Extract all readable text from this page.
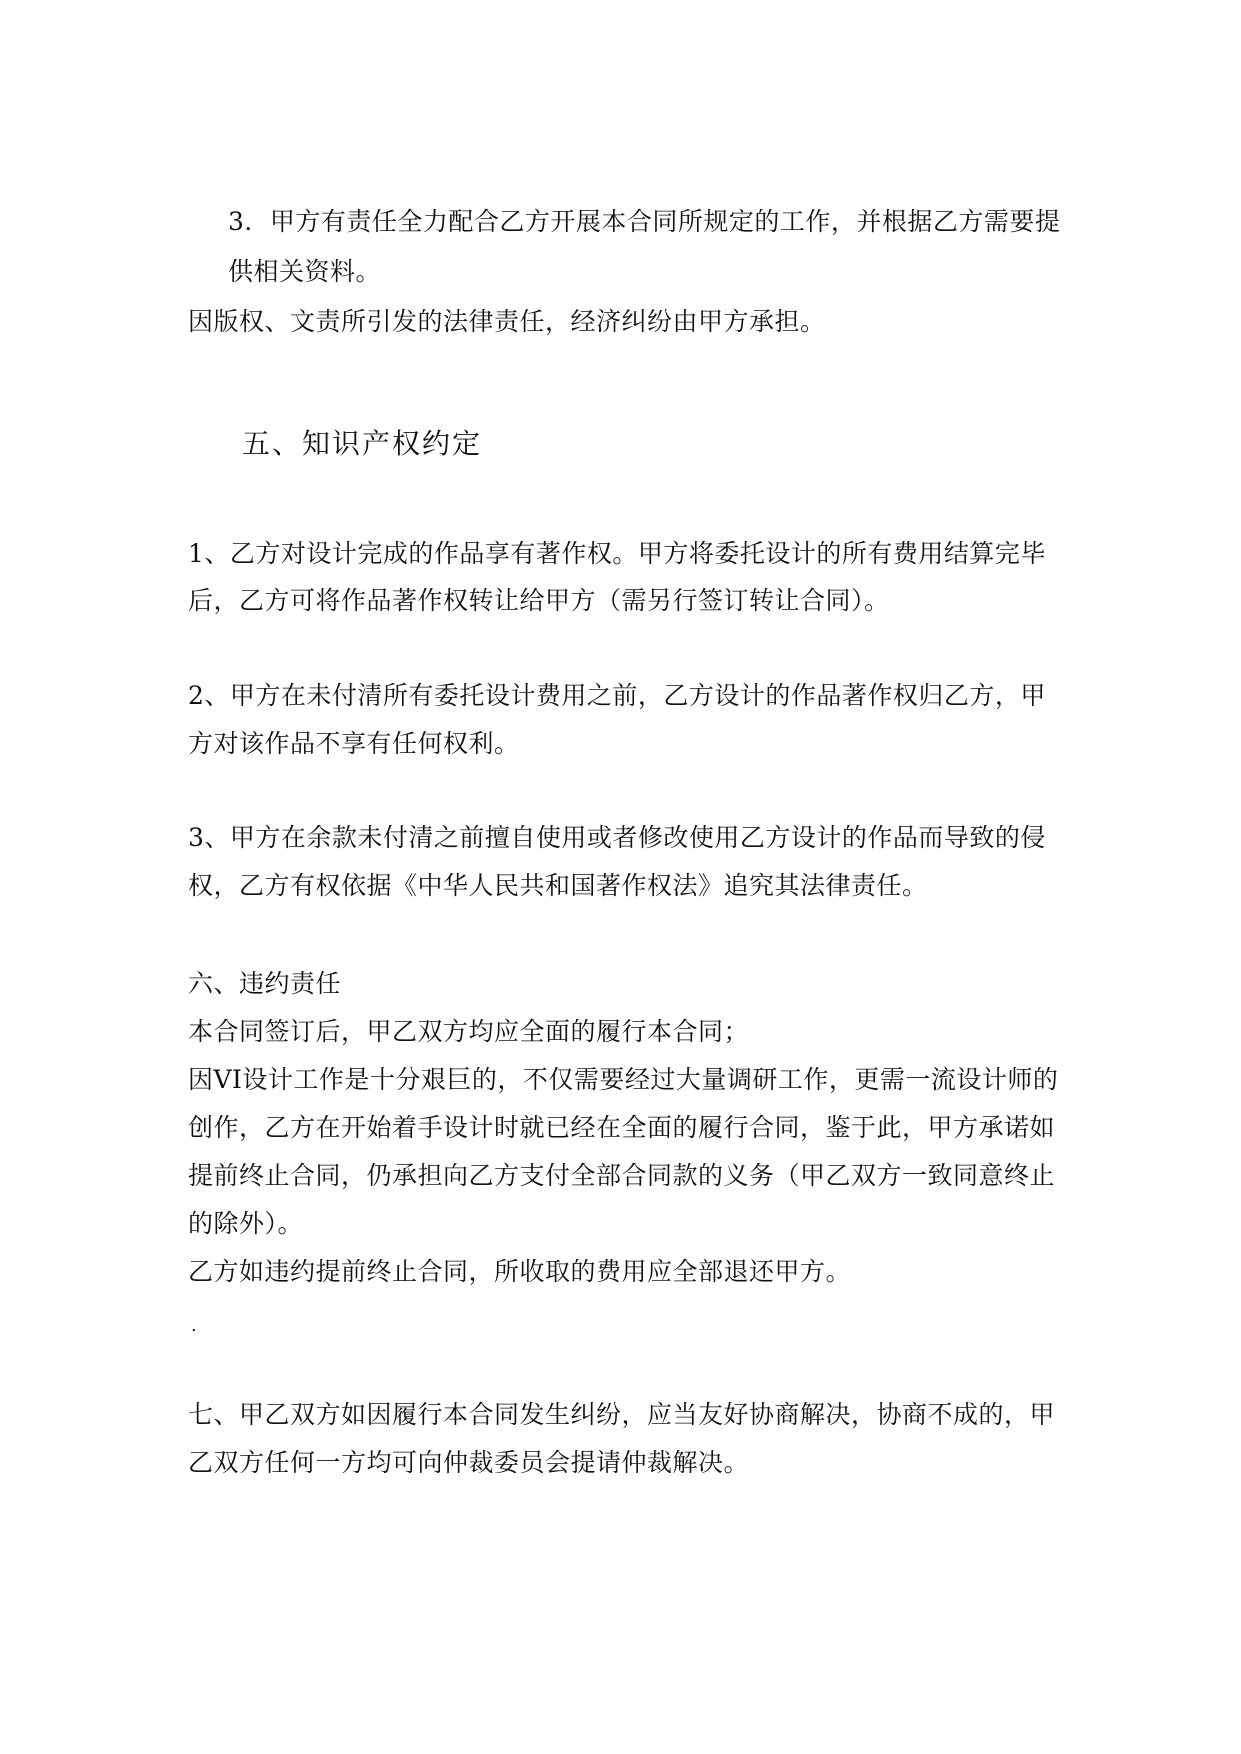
3．甲方有责任全力配合乙方开展本合同所规定的工作，并根据乙方需要提
供相关资料。
因版权、文责所引发的法律责任，经济纠纷由甲方承担。
五、知识产权约定
1、乙方对设计完成的作品享有著作权。甲方将委托设计的所有费用结算完毕
后，乙方可将作品著作权转让给甲方（需另行签订转让合同）。
2、甲方在未付清所有委托设计费用之前，乙方设计的作品著作权归乙方，甲
方对该作品不享有任何权利。
3、甲方在余款未付清之前擅自使用或者修改使用乙方设计的作品而导致的侵
权，乙方有权依据《中华人民共和国著作权法》追究其法律责任。
六、违约责任
本合同签订后，甲乙双方均应全面的履行本合同；
因VI设计工作是十分艰巨的，不仅需要经过大量调研工作，更需一流设计师的
创作，乙方在开始着手设计时就已经在全面的履行合同，鉴于此，甲方承诺如
提前终止合同，仍承担向乙方支付全部合同款的义务（甲乙双方一致同意终止
的除外）。
乙方如违约提前终止合同，所收取的费用应全部退还甲方。
.
七、甲乙双方如因履行本合同发生纠纷，应当友好协商解决，协商不成的，甲
乙双方任何一方均可向仲裁委员会提请仲裁解决。
